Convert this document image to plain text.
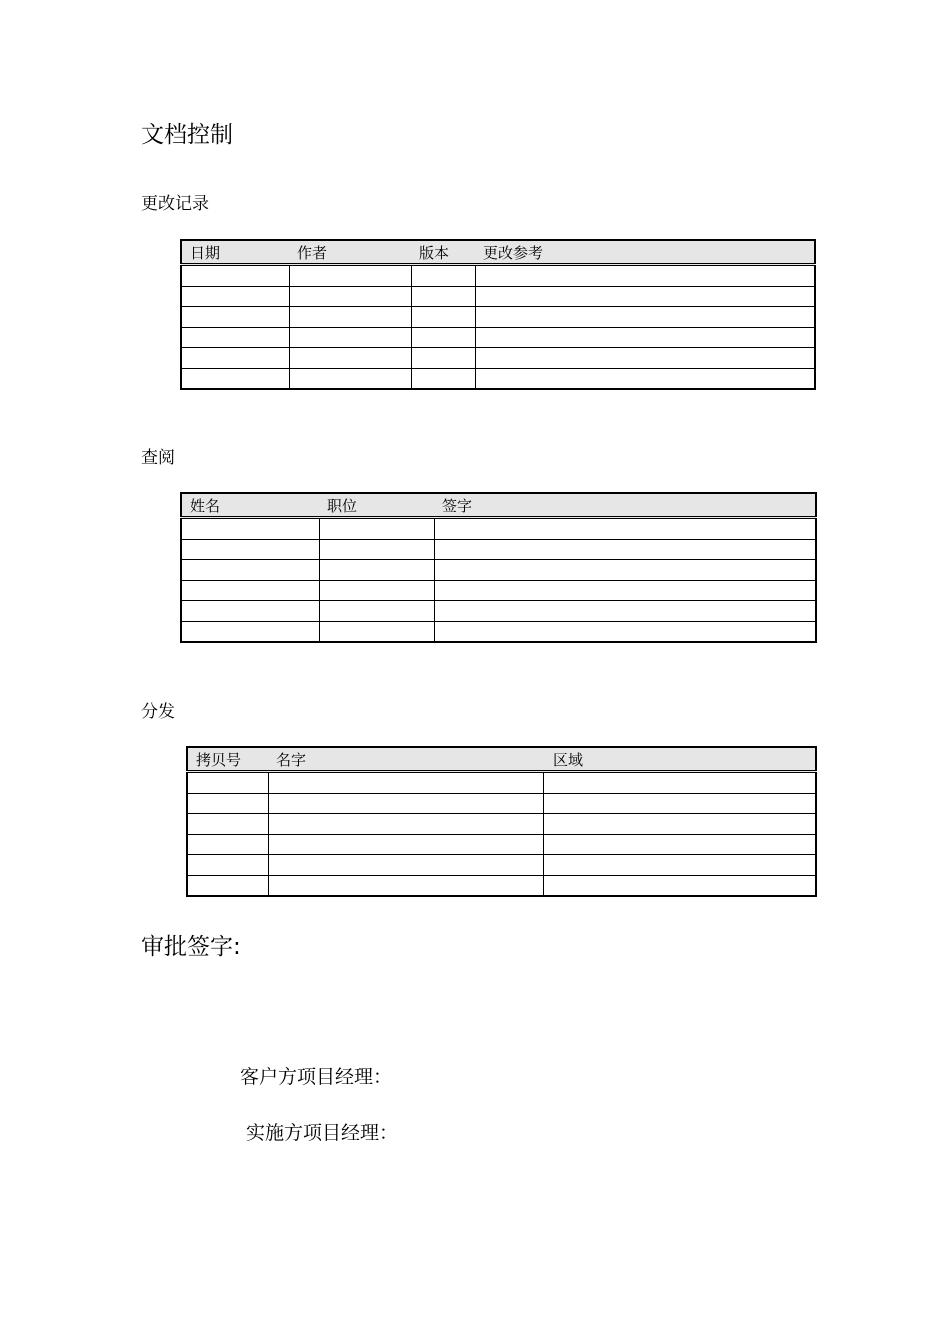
文档控制
更改记录
日期	作者	版本	更改参考

查阅
姓名	职位	签字

分发
拷贝号	名字	区域

审批签字:
客户方项目经理：
实施方项目经理：
